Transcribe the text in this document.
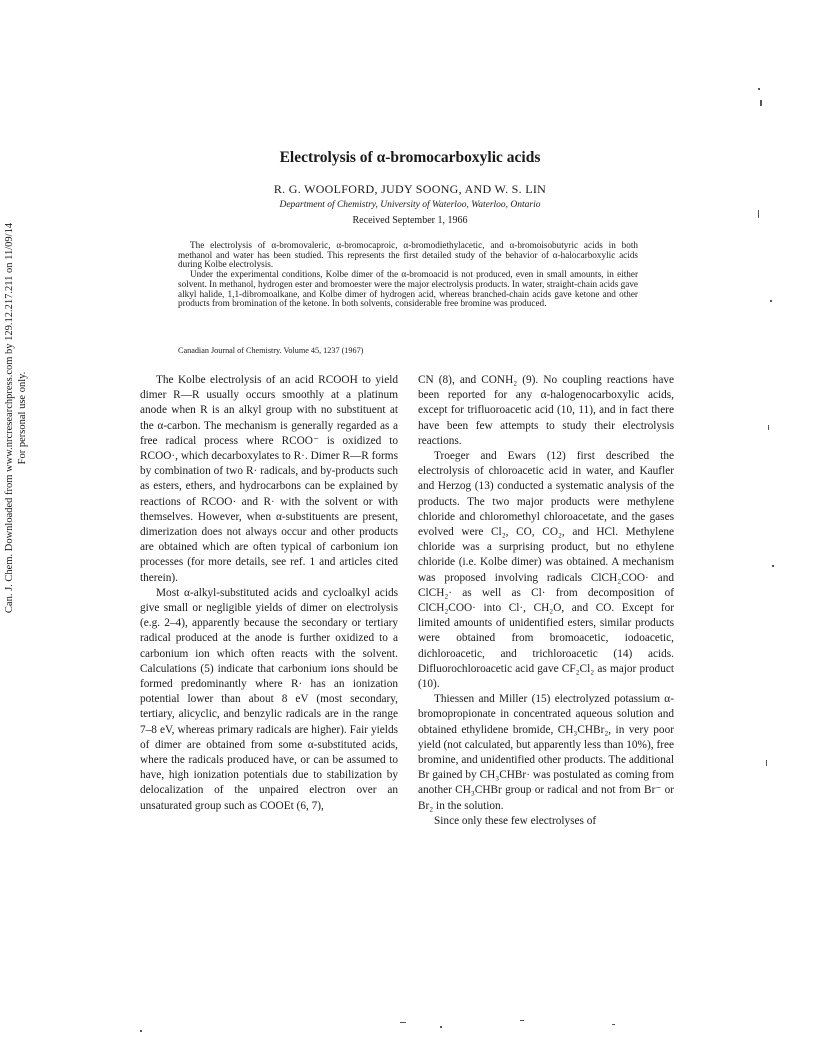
Can. J. Chem. Downloaded from www.nrcresearchpress.com by 129.12.217.211 on 11/09/14 For personal use only.
Electrolysis of α-bromocarboxylic acids
R. G. WOOLFORD, JUDY SOONG, AND W. S. LIN
Department of Chemistry, University of Waterloo, Waterloo, Ontario
Received September 1, 1966

The electrolysis of α-bromovaleric, α-bromocaproic, α-bromodiethylacetic, and α-bromoisobutyric acids in both methanol and water has been studied. This represents the first detailed study of the behavior of α-halocarboxylic acids during Kolbe electrolysis.

Under the experimental conditions, Kolbe dimer of the α-bromoacid is not produced, even in small amounts, in either solvent. In methanol, hydrogen ester and bromoester were the major electrolysis products. In water, straight-chain acids gave alkyl halide, 1,1-dibromoalkane, and Kolbe dimer of hydrogen acid, whereas branched-chain acids gave ketone and other products from bromination of the ketone. In both solvents, considerable free bromine was produced.

Canadian Journal of Chemistry. Volume 45, 1237 (1967)

The Kolbe electrolysis of an acid RCOOH to yield dimer R—R usually occurs smoothly at a platinum anode when R is an alkyl group with no substituent at the α-carbon. The mechanism is generally regarded as a free radical process where RCOO⁻ is oxidized to RCOO·, which decarboxylates to R·. Dimer R—R forms by combination of two R· radicals, and by-products such as esters, ethers, and hydrocarbons can be explained by reactions of RCOO· and R· with the solvent or with themselves. However, when α-substituents are present, dimerization does not always occur and other products are obtained which are often typical of carbonium ion processes (for more details, see ref. 1 and articles cited therein).

Most α-alkyl-substituted acids and cycloalkyl acids give small or negligible yields of dimer on electrolysis (e.g. 2–4), apparently because the secondary or tertiary radical produced at the anode is further oxidized to a carbonium ion which often reacts with the solvent. Calculations (5) indicate that carbonium ions should be formed predominantly where R· has an ionization potential lower than about 8 eV (most secondary, tertiary, alicyclic, and benzylic radicals are in the range 7–8 eV, whereas primary radicals are higher). Fair yields of dimer are obtained from some α-substituted acids, where the radicals produced have, or can be assumed to have, high ionization potentials due to stabilization by delocalization of the unpaired electron over an unsaturated group such as COOEt (6, 7),

CN (8), and CONH₂ (9). No coupling reactions have been reported for any α-halogenocarboxylic acids, except for trifluoroacetic acid (10, 11), and in fact there have been few attempts to study their electrolysis reactions.

Troeger and Ewars (12) first described the electrolysis of chloroacetic acid in water, and Kaufler and Herzog (13) conducted a systematic analysis of the products. The two major products were methylene chloride and chloromethyl chloroacetate, and the gases evolved were Cl₂, CO, CO₂, and HCl. Methylene chloride was a surprising product, but no ethylene chloride (i.e. Kolbe dimer) was obtained. A mechanism was proposed involving radicals ClCH₂COO· and ClCH₂· as well as Cl· from decomposition of ClCH₂COO· into Cl·, CH₂O, and CO. Except for limited amounts of unidentified esters, similar products were obtained from bromoacetic, iodoacetic, dichloroacetic, and trichloroacetic (14) acids. Difluorochloroacetic acid gave CF₂Cl₂ as major product (10).

Thiessen and Miller (15) electrolyzed potassium α-bromopropionate in concentrated aqueous solution and obtained ethylidene bromide, CH₃CHBr₂, in very poor yield (not calculated, but apparently less than 10%), free bromine, and unidentified other products. The additional Br gained by CH₃CHBr· was postulated as coming from another CH₃CHBr group or radical and not from Br⁻ or Br₂ in the solution.

Since only these few electrolyses of
